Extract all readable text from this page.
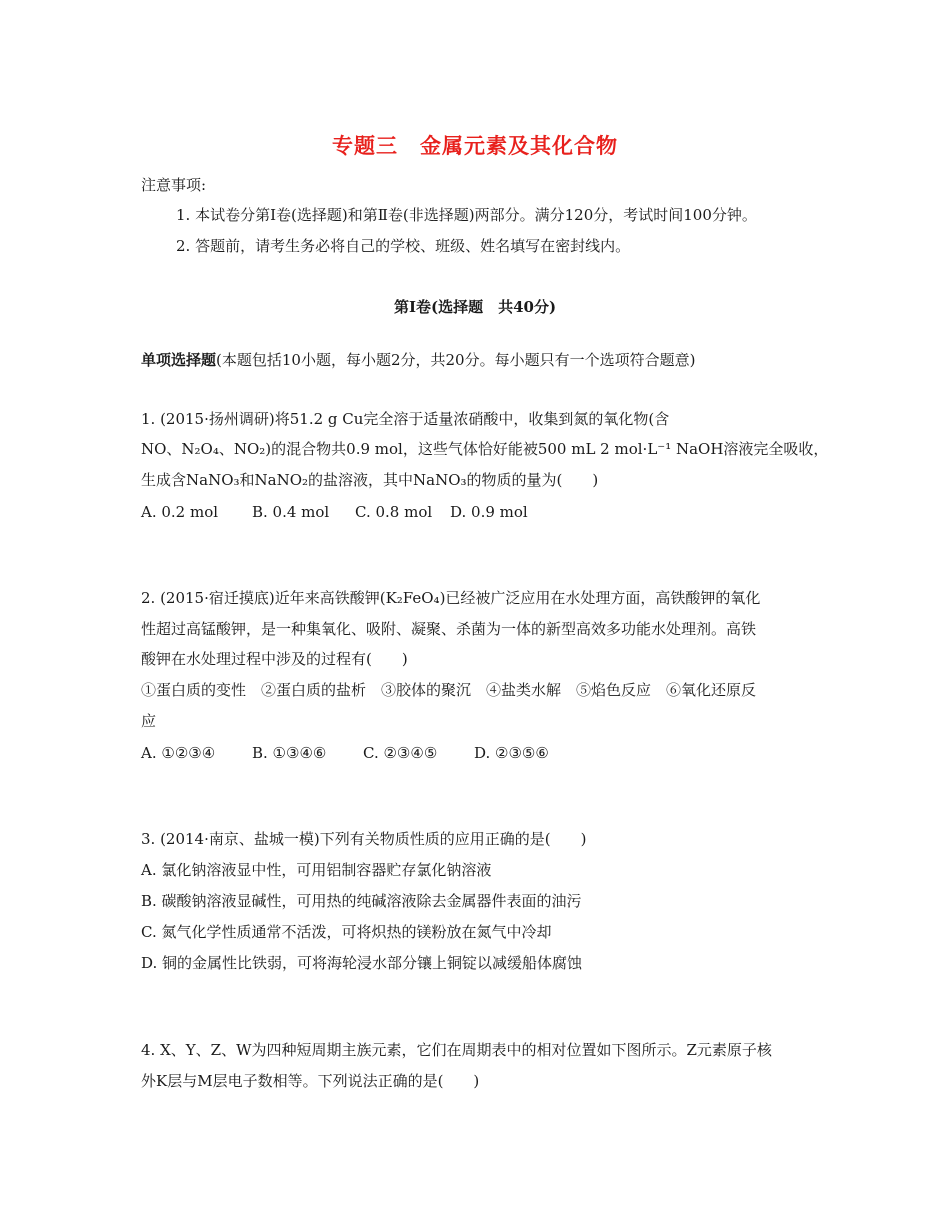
专题三　金属元素及其化合物
注意事项:
1. 本试卷分第Ⅰ卷(选择题)和第Ⅱ卷(非选择题)两部分。满分120分，考试时间100分钟。
2. 答题前，请考生务必将自己的学校、班级、姓名填写在密封线内。
第Ⅰ卷(选择题　共40分)
单项选择题(本题包括10小题，每小题2分，共20分。每小题只有一个选项符合题意)
1. (2015·扬州调研)将51.2 g Cu完全溶于适量浓硝酸中，收集到氮的氧化物(含
NO、N₂O₄、NO₂)的混合物共0.9 mol，这些气体恰好能被500 mL 2 mol·L⁻¹ NaOH溶液完全吸收，
生成含NaNO₃和NaNO₂的盐溶液，其中NaNO₃的物质的量为(　　)
A. 0.2 mol B. 0.4 mol C. 0.8 mol D. 0.9 mol
2. (2015·宿迁摸底)近年来高铁酸钾(K₂FeO₄)已经被广泛应用在水处理方面，高铁酸钾的氧化
性超过高锰酸钾，是一种集氧化、吸附、凝聚、杀菌为一体的新型高效多功能水处理剂。高铁
酸钾在水处理过程中涉及的过程有(　　)
①蛋白质的变性　②蛋白质的盐析　③胶体的聚沉　④盐类水解　⑤焰色反应　⑥氧化还原反
应
A. ①②③④ B. ①③④⑥ C. ②③④⑤ D. ②③⑤⑥
3. (2014·南京、盐城一模)下列有关物质性质的应用正确的是(　　)
A. 氯化钠溶液显中性，可用铝制容器贮存氯化钠溶液
B. 碳酸钠溶液显碱性，可用热的纯碱溶液除去金属器件表面的油污
C. 氮气化学性质通常不活泼，可将炽热的镁粉放在氮气中冷却
D. 铜的金属性比铁弱，可将海轮浸水部分镶上铜锭以减缓船体腐蚀
4. X、Y、Z、W为四种短周期主族元素，它们在周期表中的相对位置如下图所示。Z元素原子核
外K层与M层电子数相等。下列说法正确的是(　　)
